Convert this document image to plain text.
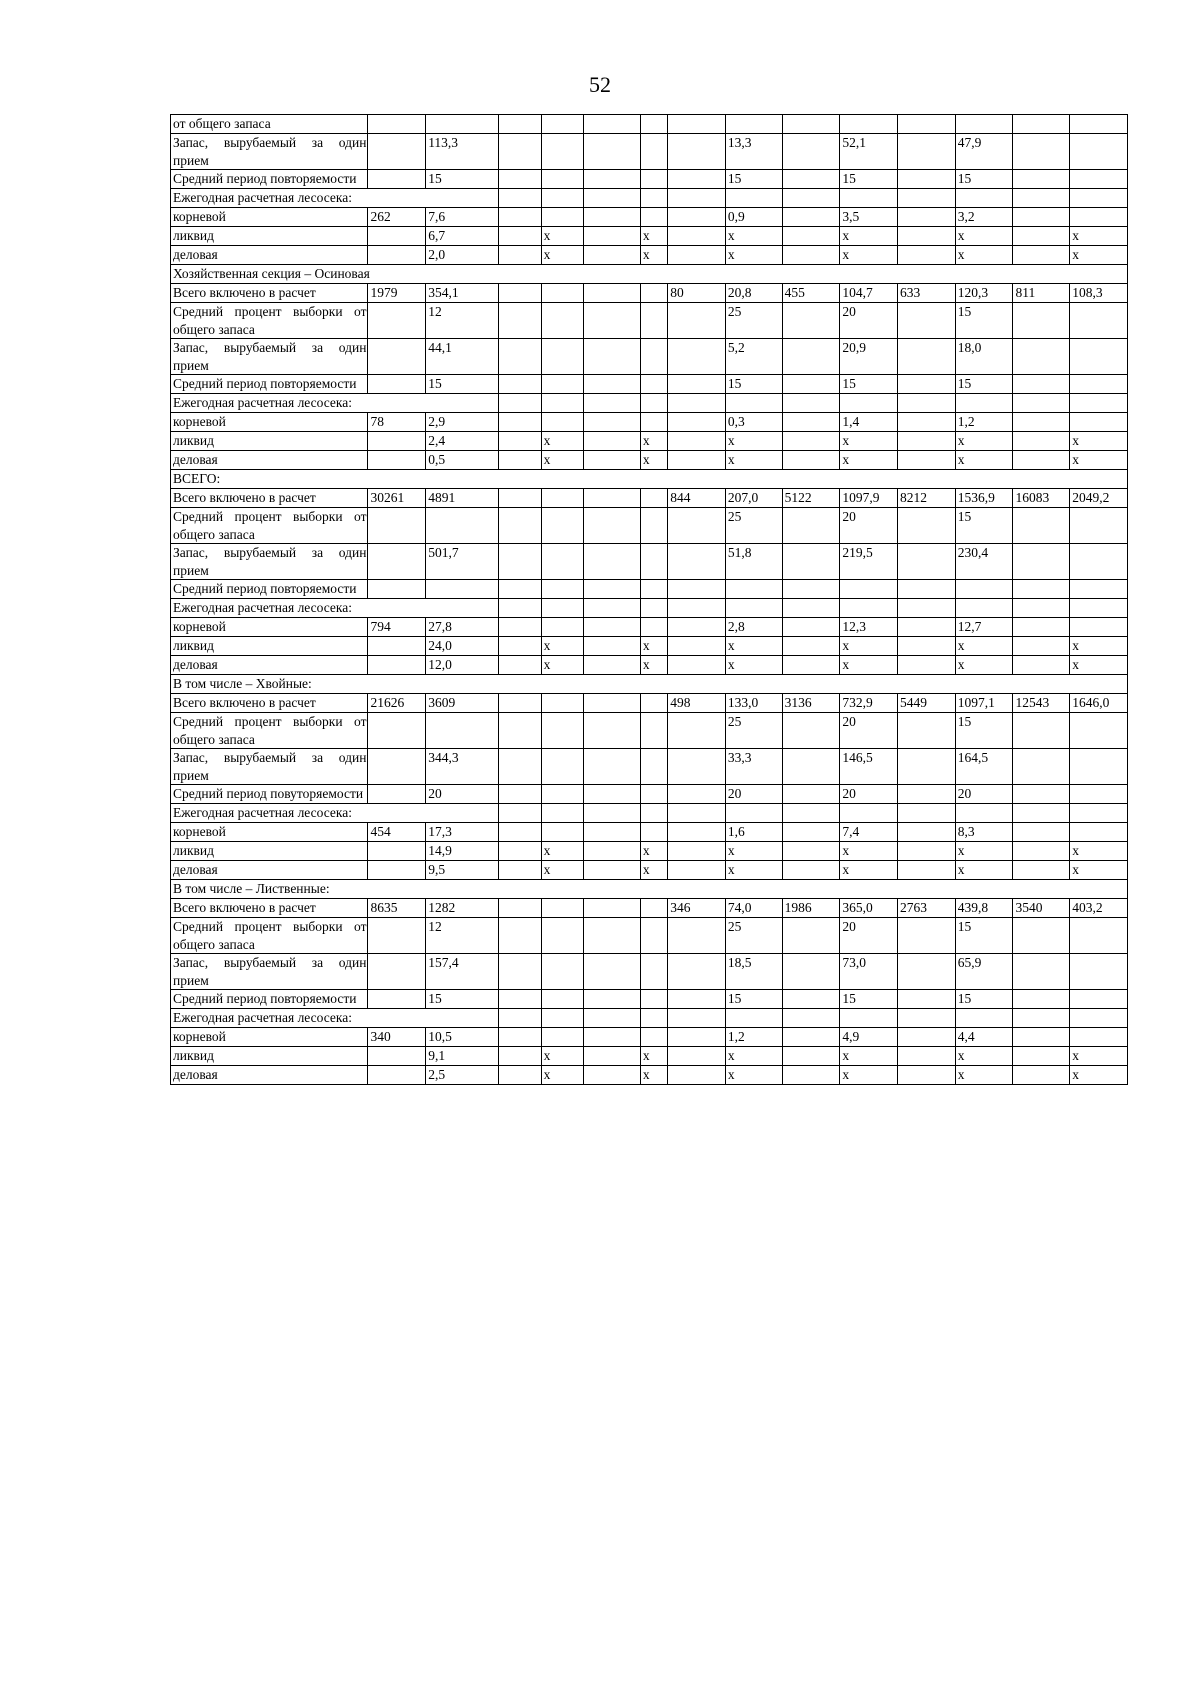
52
от общего запаса														
Запас, вырубаемый за один прием		113,3						13,3		52,1		47,9		
Средний период повторяемости		15						15		15		15		
Ежегодная расчетная лесосека:														
корневой	262	7,6						0,9		3,5		3,2		
ликвид		6,7		x		x		x		x		x		x
деловая		2,0		x		x		x		x		x		x
Хозяйственная секция – Осиновая														
Всего включено в расчет	1979	354,1					80	20,8	455	104,7	633	120,3	811	108,3
Средний процент выборки от общего запаса		12						25		20		15		
Запас, вырубаемый за один прием		44,1						5,2		20,9		18,0		
Средний период повторяемости		15						15		15		15		
Ежегодная расчетная лесосека:														
корневой	78	2,9						0,3		1,4		1,2		
ликвид		2,4		x		x		x		x		x		x
деловая		0,5		x		x		x		x		x		x
ВСЕГО:														
Всего включено в расчет	30261	4891					844	207,0	5122	1097,9	8212	1536,9	16083	2049,2
Средний процент выборки от общего запаса								25		20		15		
Запас, вырубаемый за один прием		501,7						51,8		219,5		230,4		
Средний период повторяемости														
Ежегодная расчетная лесосека:														
корневой	794	27,8						2,8		12,3		12,7		
ликвид		24,0		x		x		x		x		x		x
деловая		12,0		x		x		x		x		x		x
В том числе – Хвойные:														
Всего включено в расчет	21626	3609					498	133,0	3136	732,9	5449	1097,1	12543	1646,0
Средний процент выборки от общего запаса								25		20		15		
Запас, вырубаемый за один прием		344,3						33,3		146,5		164,5		
Средний период повуторяемости		20						20		20		20		
Ежегодная расчетная лесосека:														
корневой	454	17,3						1,6		7,4		8,3		
ликвид		14,9		x		x		x		x		x		x
деловая		9,5		x		x		x		x		x		x
В том числе – Лиственные:														
Всего включено в расчет	8635	1282					346	74,0	1986	365,0	2763	439,8	3540	403,2
Средний процент выборки от общего запаса		12						25		20		15		
Запас, вырубаемый за один прием		157,4						18,5		73,0		65,9		
Средний период повторяемости		15						15		15		15		
Ежегодная расчетная лесосека:														
корневой	340	10,5						1,2		4,9		4,4		
ликвид		9,1		x		x		x		x		x		x
деловая		2,5		x		x		x		x		x		x
